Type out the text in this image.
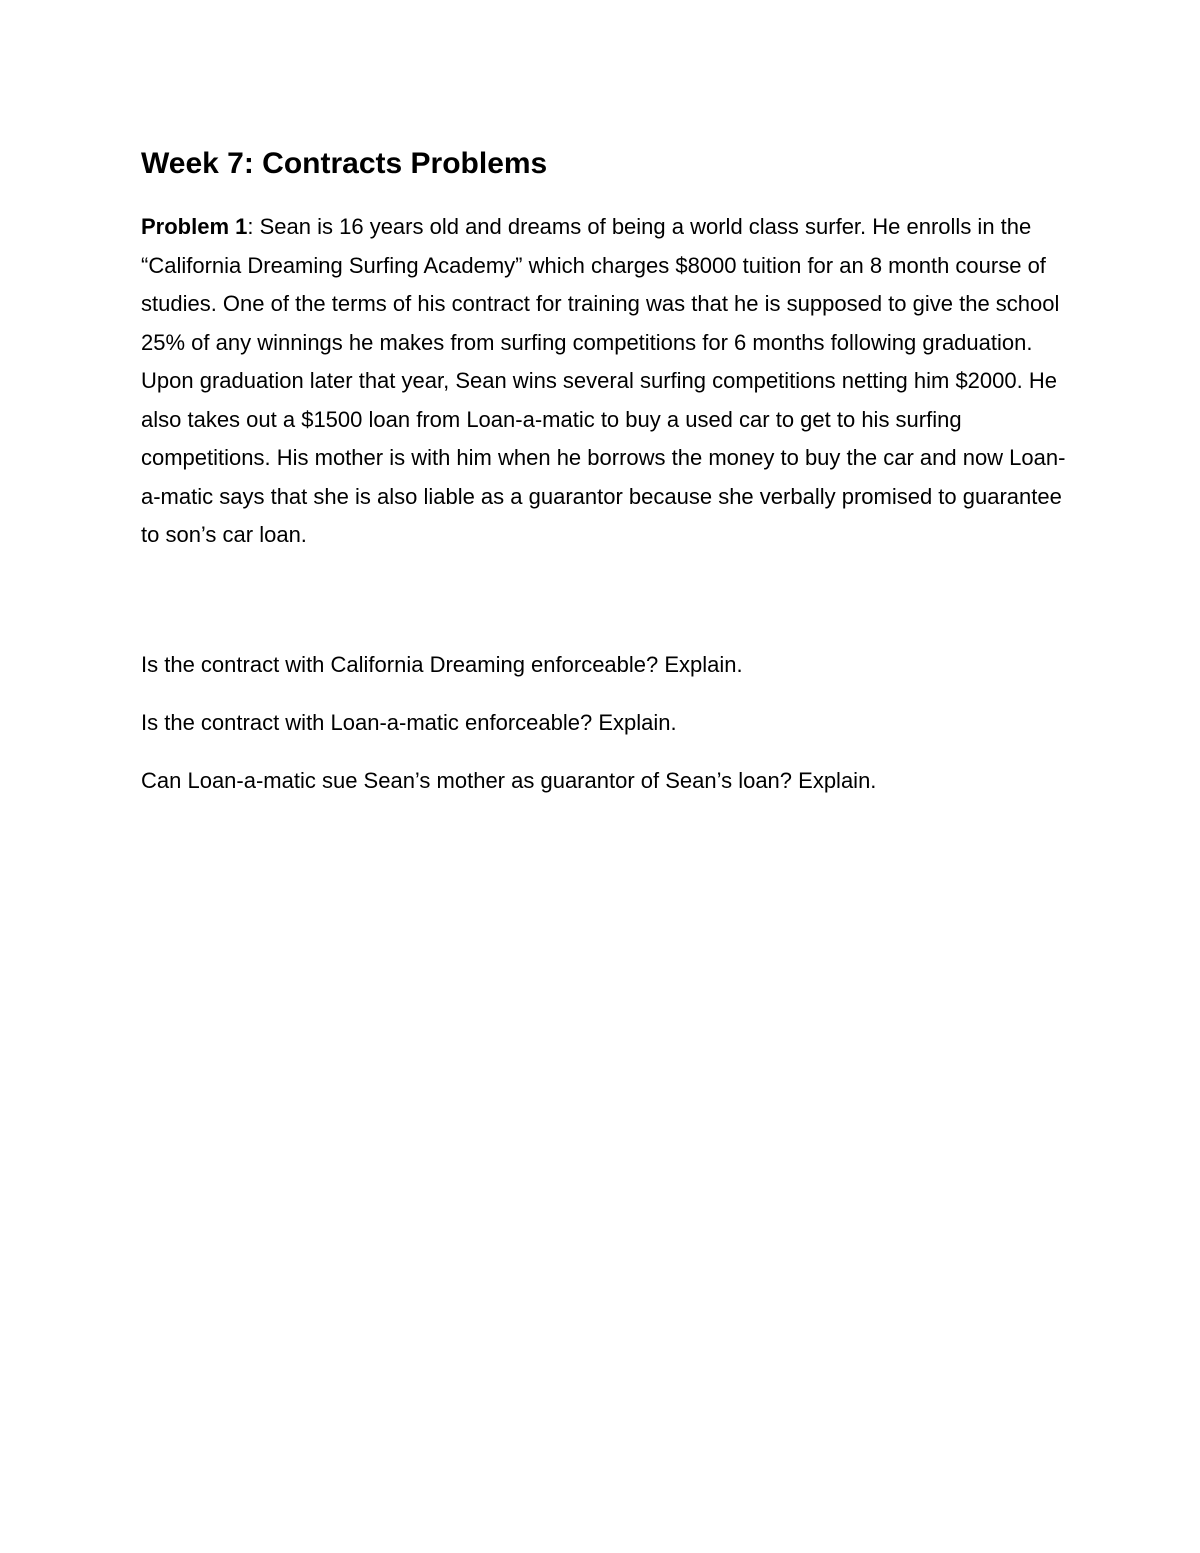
Week 7: Contracts Problems

Problem 1: Sean is 16 years old and dreams of being a world class surfer. He enrolls in the “California Dreaming Surfing Academy” which charges $8000 tuition for an 8 month course of studies. One of the terms of his contract for training was that he is supposed to give the school 25% of any winnings he makes from surfing competitions for 6 months following graduation. Upon graduation later that year, Sean wins several surfing competitions netting him $2000. He also takes out a $1500 loan from Loan-a-matic to buy a used car to get to his surfing competitions. His mother is with him when he borrows the money to buy the car and now Loan-a-matic says that she is also liable as a guarantor because she verbally promised to guarantee to son’s car loan.

Is the contract with California Dreaming enforceable? Explain.

Is the contract with Loan-a-matic enforceable? Explain.

Can Loan-a-matic sue Sean’s mother as guarantor of Sean’s loan? Explain.
